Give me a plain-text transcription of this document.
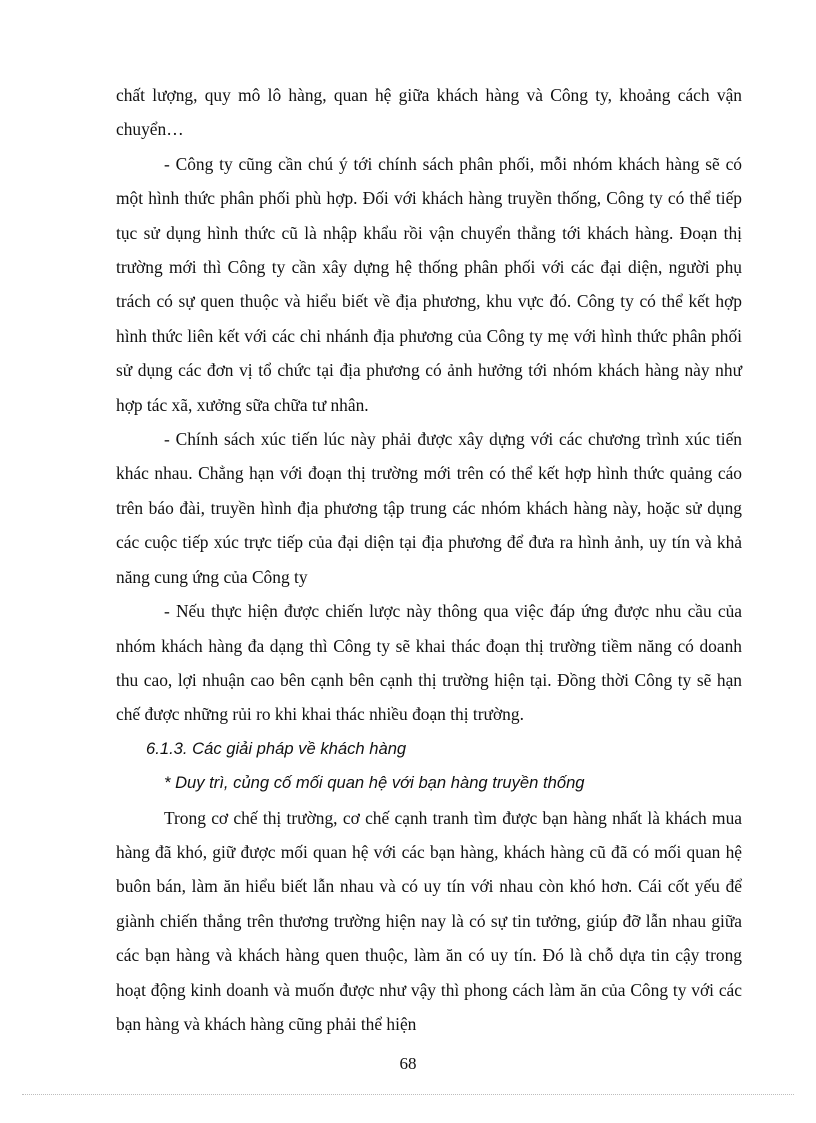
chất lượng, quy mô lô hàng, quan hệ giữa khách hàng và Công ty, khoảng cách vận chuyển…

- Công ty cũng cần chú ý tới chính sách phân phối, mỗi nhóm khách hàng sẽ có một hình thức phân phối phù hợp. Đối với khách hàng truyền thống, Công ty có thể tiếp tục sử dụng hình thức cũ là nhập khẩu rồi vận chuyển thẳng tới khách hàng. Đoạn thị trường mới thì Công ty cần xây dựng hệ thống phân phối với các đại diện, người phụ trách có sự quen thuộc và hiểu biết về địa phương, khu vực đó. Công ty có thể kết hợp hình thức liên kết với các chi nhánh địa phương của Công ty mẹ với hình thức phân phối sử dụng các đơn vị tổ chức tại địa phương có ảnh hưởng tới nhóm khách hàng này như hợp tác xã, xưởng sữa chữa tư nhân.

- Chính sách xúc tiến lúc này phải được xây dựng với các chương trình xúc tiến khác nhau. Chẳng hạn với đoạn thị trường mới trên có thể kết hợp hình thức quảng cáo trên báo đài, truyền hình địa phương tập trung các nhóm khách hàng này, hoặc sử dụng các cuộc tiếp xúc trực tiếp của đại diện tại địa phương để đưa ra hình ảnh, uy tín và khả năng cung ứng của Công ty

- Nếu thực hiện được chiến lược này thông qua việc đáp ứng được nhu cầu của nhóm khách hàng đa dạng thì Công ty sẽ khai thác đoạn thị trường tiềm năng có doanh thu cao, lợi nhuận cao bên cạnh bên cạnh thị trường hiện tại. Đồng thời Công ty sẽ hạn chế được những rủi ro khi khai thác nhiều đoạn thị trường.

6.1.3. Các giải pháp về khách hàng

* Duy trì, củng cố mối quan hệ với bạn hàng truyền thống

Trong cơ chế thị trường, cơ chế cạnh tranh tìm được bạn hàng nhất là khách mua hàng đã khó, giữ được mối quan hệ với các bạn hàng, khách hàng cũ đã có mối quan hệ buôn bán, làm ăn hiểu biết lẫn nhau và có uy tín với nhau còn khó hơn. Cái cốt yếu để giành chiến thắng trên thương trường hiện nay là có sự tin tưởng, giúp đỡ lẫn nhau giữa các bạn hàng và khách hàng quen thuộc, làm ăn có uy tín. Đó là chỗ dựa tin cậy trong hoạt động kinh doanh và muốn được như vậy thì phong cách làm ăn của Công ty với các bạn hàng và khách hàng cũng phải thể hiện

68
